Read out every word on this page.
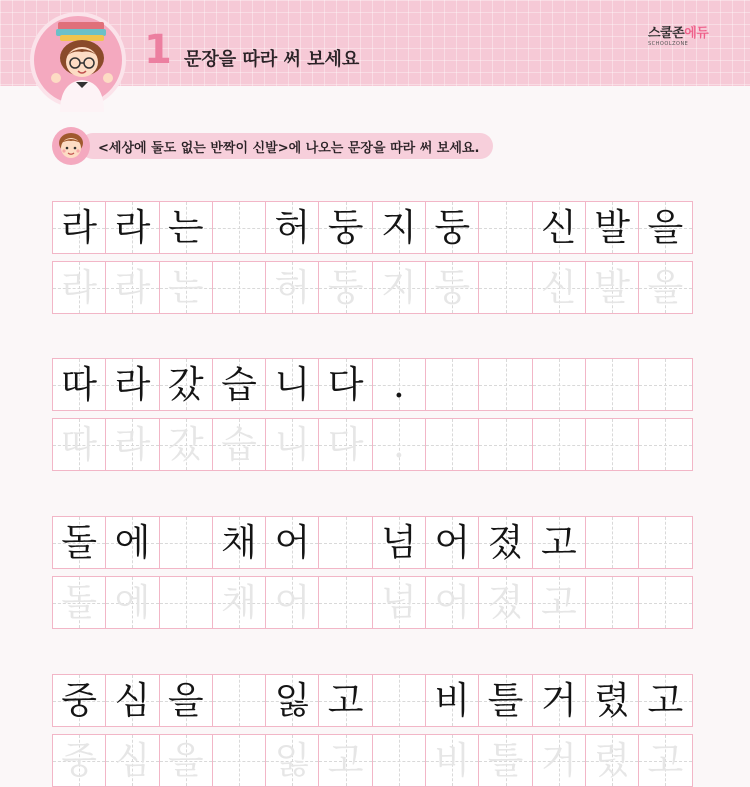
1 문장을 따라 써 보세요
스쿨존에듀
SCHOOLZONE
<세상에 둘도 없는 반짝이 신발>에 나오는 문장을 따라 써 보세요.
라 라 는 허 둥 지 둥 신 발 을
라 라 는 허 둥 지 둥 신 발 을
따 라 갔 습 니 다 .
따 라 갔 습 니 다 .
돌 에 채 어 넘 어 졌 고
돌 에 채 어 넘 어 졌 고
중 심 을 잃 고 비 틀 거 렸 고
중 심 을 잃 고 비 틀 거 렸 고
